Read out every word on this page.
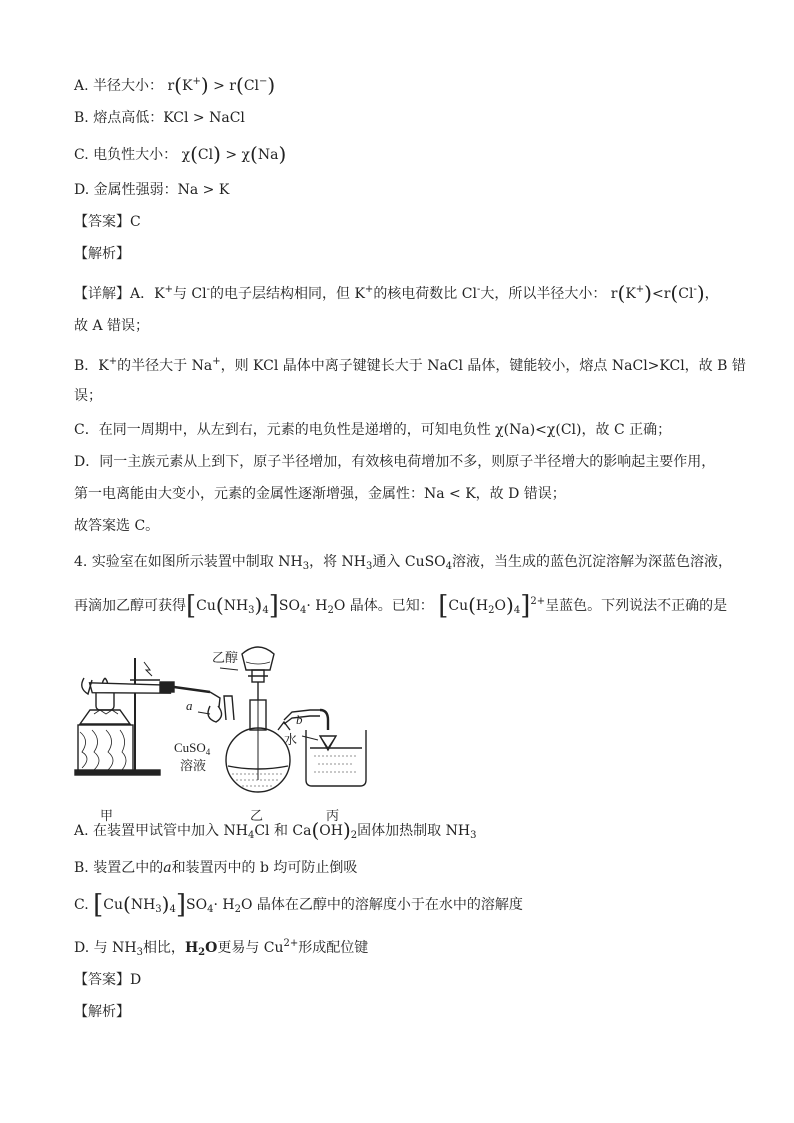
A. 半径大小： r(K+) > r(Cl−)
B. 熔点高低：KCl > NaCl
C. 电负性大小： χ(Cl) > χ(Na)
D. 金属性强弱：Na > K
【答案】C
【解析】
【详解】A．K+与 Cl-的电子层结构相同，但 K+的核电荷数比 Cl-大，所以半径大小： r(K+)<r(Cl-)，
故 A 错误；
B．K+的半径大于 Na+，则 KCl 晶体中离子键键长大于 NaCl 晶体，键能较小，熔点 NaCl>KCl，故 B 错
误；
C．在同一周期中，从左到右，元素的电负性是递增的，可知电负性 χ(Na)<χ(Cl)，故 C 正确；
D．同一主族元素从上到下，原子半径增加，有效核电荷增加不多，则原子半径增大的影响起主要作用，
第一电离能由大变小，元素的金属性逐渐增强，金属性：Na < K，故 D 错误；
故答案选 C。
4. 实验室在如图所示装置中制取 $NH_3$，将 $NH_3$通入 CuSO$_4$溶液，当生成的蓝色沉淀溶解为深蓝色溶液，
再滴加乙醇可获得$[Cu(NH_3)_4]SO_4\cdot H_2O$ 晶体。已知： $[Cu(H_2O)_4]^{2+}$呈蓝色。下列说法不正确的是
乙醇
a
b
CuSO$_4$
溶液
水
甲	乙	丙
A. 在装置甲试管中加入 $NH_4Cl$ 和 $Ca(OH)_2$固体加热制取 $NH_3$
B. 装置乙中的a和装置丙中的 b 均可防止倒吸
C. $[Cu(NH_3)_4]SO_4\cdot H_2O$ 晶体在乙醇中的溶解度小于在水中的溶解度
D. 与 $NH_3$相比，$H_2O$更易与 $Cu^{2+}$形成配位键
【答案】D
【解析】
